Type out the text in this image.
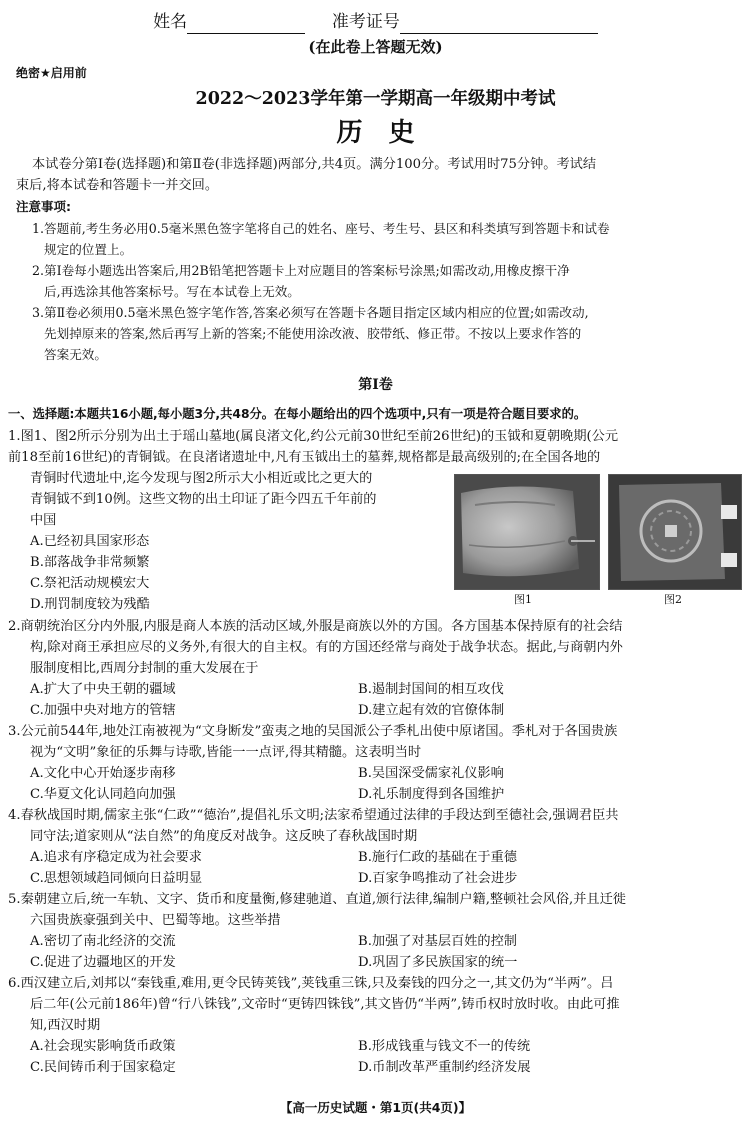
姓名	准考证号
(在此卷上答题无效)
绝密★启用前
2022～2023学年第一学期高一年级期中考试
历　史
本试卷分第Ⅰ卷(选择题)和第Ⅱ卷(非选择题)两部分,共4页。满分100分。考试用时75分钟。考试结
束后,将本试卷和答题卡一并交回。
注意事项:
1.答题前,考生务必用0.5毫米黑色签字笔将自己的姓名、座号、考生号、县区和科类填写到答题卡和试卷
规定的位置上。
2.第Ⅰ卷每小题选出答案后,用2B铅笔把答题卡上对应题目的答案标号涂黑;如需改动,用橡皮擦干净
后,再选涂其他答案标号。写在本试卷上无效。
3.第Ⅱ卷必须用0.5毫米黑色签字笔作答,答案必须写在答题卡各题目指定区域内相应的位置;如需改动,
先划掉原来的答案,然后再写上新的答案;不能使用涂改液、胶带纸、修正带。不按以上要求作答的
答案无效。
第Ⅰ卷
一、选择题:本题共16小题,每小题3分,共48分。在每小题给出的四个选项中,只有一项是符合题目要求的。
1.图1、图2所示分别为出土于瑶山墓地(属良渚文化,约公元前30世纪至前26世纪)的玉钺和夏朝晚期(公元
前18至前16世纪)的青铜钺。在良渚诸遗址中,凡有玉钺出土的墓葬,规格都是最高级别的;在全国各地的
青铜时代遗址中,迄今发现与图2所示大小相近或比之更大的
青铜钺不到10例。这些文物的出土印证了距今四五千年前的
中国
A.已经初具国家形态
B.部落战争非常频繁
C.祭祀活动规模宏大
D.刑罚制度较为残酷	图1	图2
2.商朝统治区分内外服,内服是商人本族的活动区域,外服是商族以外的方国。各方国基本保持原有的社会结
构,除对商王承担应尽的义务外,有很大的自主权。有的方国还经常与商处于战争状态。据此,与商朝内外
服制度相比,西周分封制的重大发展在于
A.扩大了中央王朝的疆域	B.遏制封国间的相互攻伐
C.加强中央对地方的管辖	D.建立起有效的官僚体制
3.公元前544年,地处江南被视为“文身断发”蛮夷之地的吴国派公子季札出使中原诸国。季札对于各国贵族
视为“文明”象征的乐舞与诗歌,皆能一一点评,得其精髓。这表明当时
A.文化中心开始逐步南移	B.吴国深受儒家礼仪影响
C.华夏文化认同趋向加强	D.礼乐制度得到各国维护
4.春秋战国时期,儒家主张“仁政”“德治”,提倡礼乐文明;法家希望通过法律的手段达到至德社会,强调君臣共
同守法;道家则从“法自然”的角度反对战争。这反映了春秋战国时期
A.追求有序稳定成为社会要求	B.施行仁政的基础在于重德
C.思想领域趋同倾向日益明显	D.百家争鸣推动了社会进步
5.秦朝建立后,统一车轨、文字、货币和度量衡,修建驰道、直道,颁行法律,编制户籍,整顿社会风俗,并且迁徙
六国贵族豪强到关中、巴蜀等地。这些举措
A.密切了南北经济的交流	B.加强了对基层百姓的控制
C.促进了边疆地区的开发	D.巩固了多民族国家的统一
6.西汉建立后,刘邦以“秦钱重,难用,更令民铸荚钱”,荚钱重三铢,只及秦钱的四分之一,其文仍为“半两”。吕
后二年(公元前186年)曾“行八铢钱”,文帝时“更铸四铢钱”,其文皆仍“半两”,铸币权时放时收。由此可推
知,西汉时期
A.社会现实影响货币政策	B.形成钱重与钱文不一的传统
C.民间铸币利于国家稳定	D.币制改革严重制约经济发展
【高一历史试题・第1页(共4页)】
